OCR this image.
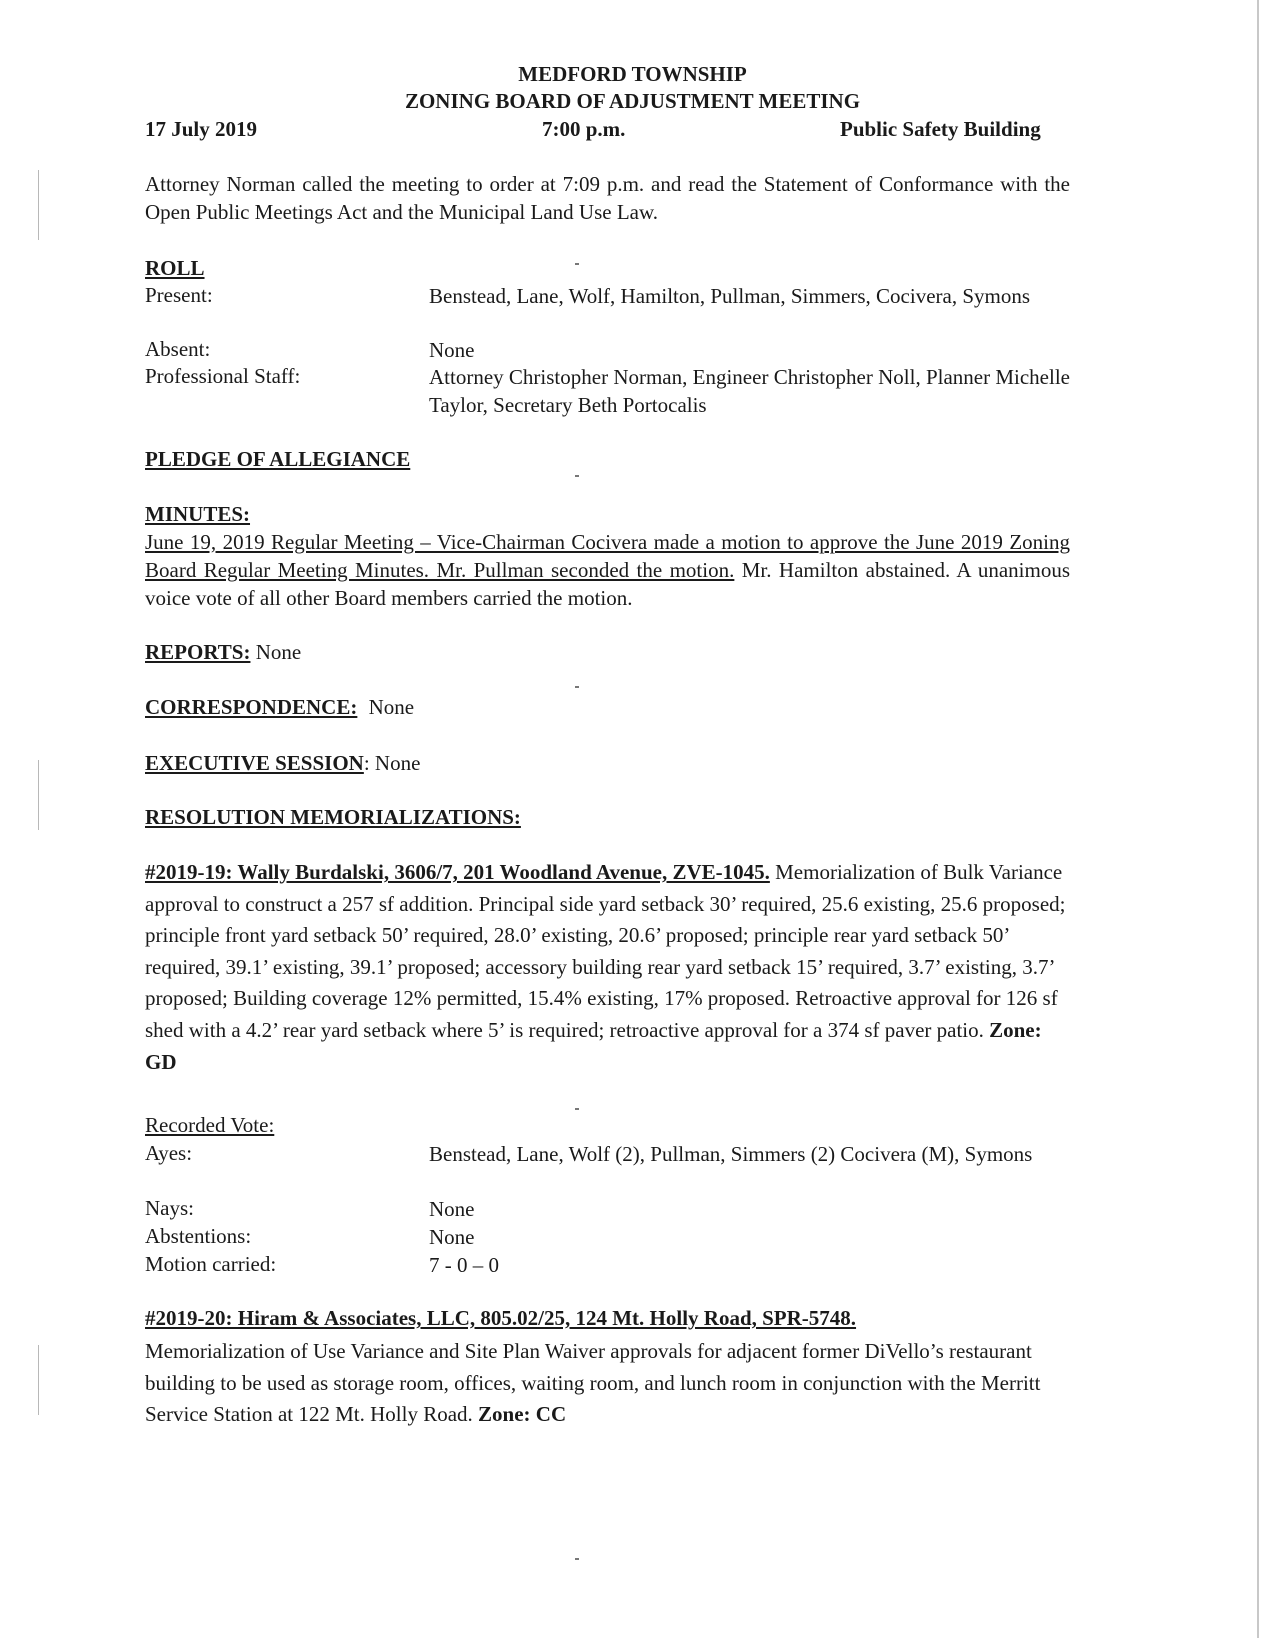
MEDFORD TOWNSHIP
ZONING BOARD OF ADJUSTMENT MEETING
17 July 2019	7:00 p.m.	Public Safety Building
Attorney Norman called the meeting to order at 7:09 p.m. and read the Statement of Conformance with the Open Public Meetings Act and the Municipal Land Use Law.
ROLL
Present:	Benstead, Lane, Wolf, Hamilton, Pullman, Simmers, Cocivera, Symons
Absent:	None
Professional Staff:	Attorney Christopher Norman, Engineer Christopher Noll, Planner Michelle Taylor, Secretary Beth Portocalis
PLEDGE OF ALLEGIANCE
MINUTES:
June 19, 2019 Regular Meeting – Vice-Chairman Cocivera made a motion to approve the June 2019 Zoning Board Regular Meeting Minutes. Mr. Pullman seconded the motion. Mr. Hamilton abstained. A unanimous voice vote of all other Board members carried the motion.
REPORTS: None
CORRESPONDENCE: None
EXECUTIVE SESSION: None
RESOLUTION MEMORIALIZATIONS:
#2019-19: Wally Burdalski, 3606/7, 201 Woodland Avenue, ZVE-1045. Memorialization of Bulk Variance approval to construct a 257 sf addition. Principal side yard setback 30’ required, 25.6 existing, 25.6 proposed; principle front yard setback 50’ required, 28.0’ existing, 20.6’ proposed; principle rear yard setback 50’ required, 39.1’ existing, 39.1’ proposed; accessory building rear yard setback 15’ required, 3.7’ existing, 3.7’ proposed; Building coverage 12% permitted, 15.4% existing, 17% proposed. Retroactive approval for 126 sf shed with a 4.2’ rear yard setback where 5’ is required; retroactive approval for a 374 sf paver patio. Zone: GD
Recorded Vote:
Ayes:	Benstead, Lane, Wolf (2), Pullman, Simmers (2) Cocivera (M), Symons
Nays:	None
Abstentions:	None
Motion carried:	7 - 0 – 0
#2019-20: Hiram & Associates, LLC, 805.02/25, 124 Mt. Holly Road, SPR-5748.
Memorialization of Use Variance and Site Plan Waiver approvals for adjacent former DiVello’s restaurant building to be used as storage room, offices, waiting room, and lunch room in conjunction with the Merritt Service Station at 122 Mt. Holly Road. Zone: CC
